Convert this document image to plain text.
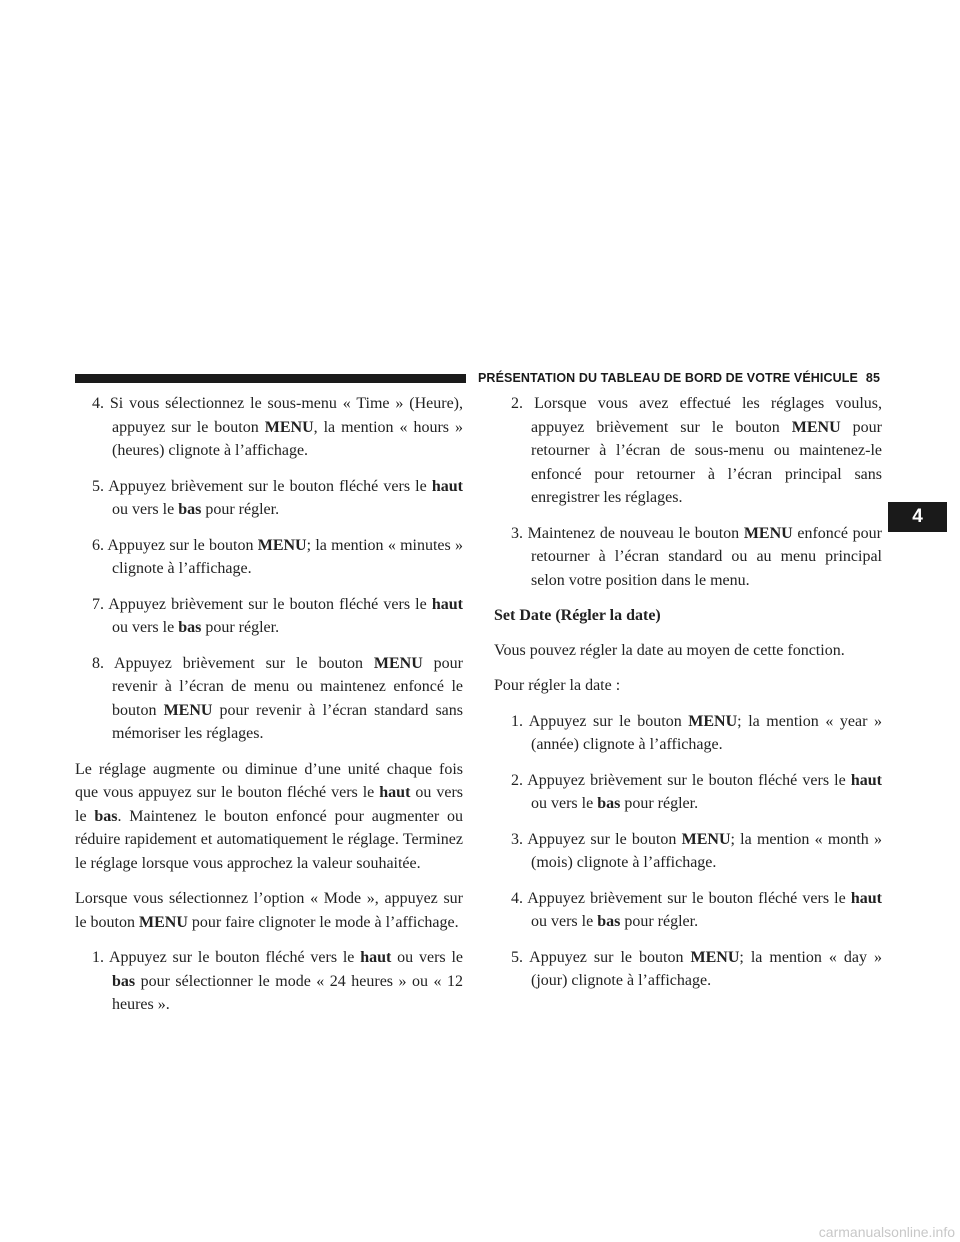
PRÉSENTATION DU TABLEAU DE BORD DE VOTRE VÉHICULE 85
4

4. Si vous sélectionnez le sous-menu « Time » (Heure), appuyez sur le bouton MENU, la mention « hours » (heures) clignote à l’affichage.

5. Appuyez brièvement sur le bouton fléché vers le haut ou vers le bas pour régler.

6. Appuyez sur le bouton MENU; la mention « minutes » clignote à l’affichage.

7. Appuyez brièvement sur le bouton fléché vers le haut ou vers le bas pour régler.

8. Appuyez brièvement sur le bouton MENU pour revenir à l’écran de menu ou maintenez enfoncé le bouton MENU pour revenir à l’écran standard sans mémoriser les réglages.

Le réglage augmente ou diminue d’une unité chaque fois que vous appuyez sur le bouton fléché vers le haut ou vers le bas. Maintenez le bouton enfoncé pour augmenter ou réduire rapidement et automatiquement le réglage. Terminez le réglage lorsque vous approchez la valeur souhaitée.

Lorsque vous sélectionnez l’option « Mode », appuyez sur le bouton MENU pour faire clignoter le mode à l’affichage.

1. Appuyez sur le bouton fléché vers le haut ou vers le bas pour sélectionner le mode « 24 heures » ou « 12 heures ».

2. Lorsque vous avez effectué les réglages voulus, appuyez brièvement sur le bouton MENU pour retourner à l’écran de sous-menu ou maintenez-le enfoncé pour retourner à l’écran principal sans enregistrer les réglages.

3. Maintenez de nouveau le bouton MENU enfoncé pour retourner à l’écran standard ou au menu principal selon votre position dans le menu.

Set Date (Régler la date)

Vous pouvez régler la date au moyen de cette fonction.

Pour régler la date :

1. Appuyez sur le bouton MENU; la mention « year » (année) clignote à l’affichage.

2. Appuyez brièvement sur le bouton fléché vers le haut ou vers le bas pour régler.

3. Appuyez sur le bouton MENU; la mention « month » (mois) clignote à l’affichage.

4. Appuyez brièvement sur le bouton fléché vers le haut ou vers le bas pour régler.

5. Appuyez sur le bouton MENU; la mention « day » (jour) clignote à l’affichage.

carmanualsonline.info
